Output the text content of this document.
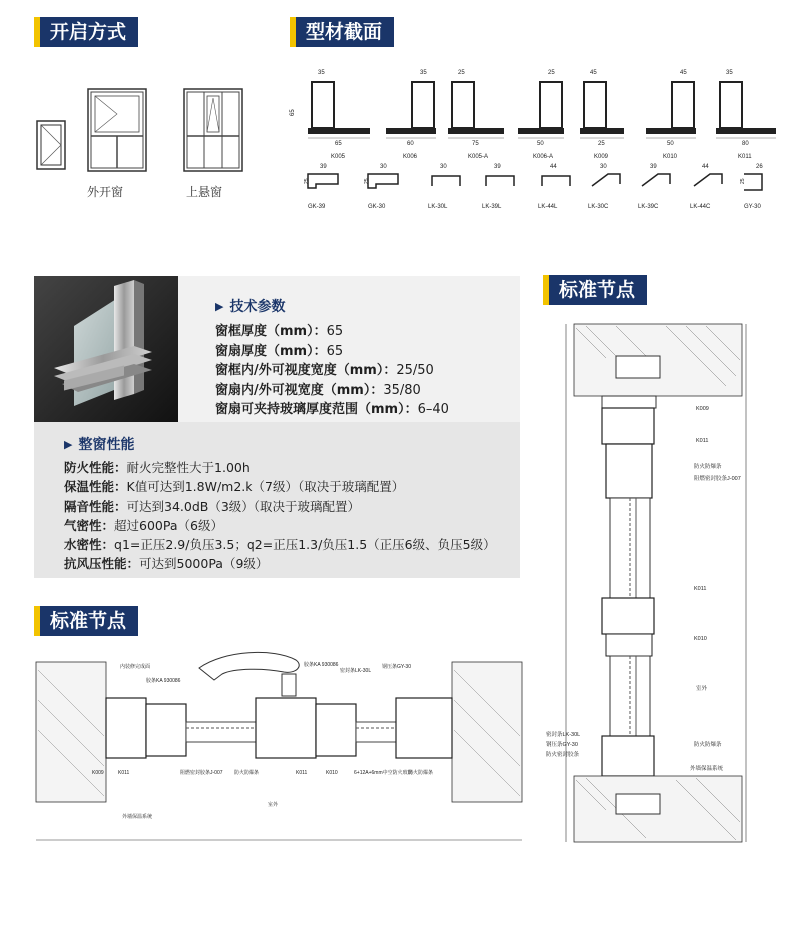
开启方式	型材截面
标准节点
标准节点
外开窗	上悬窗
65
35
65
K005
35
60
K006
25
75
K005-A
25
50
K006-A
45
25
K009
45
50
K010
35
80
K011
39
25
GK-39
30
25
GK-30
30
LK-30L
39
LK-39L
44
LK-44L
30
LK-30C
39
LK-39C
44
LK-44C
26
25
GY-30
▶ 技术参数
窗框厚度（mm）：65
窗扇厚度（mm）：65
窗框内/外可视度宽度（mm）：25/50
窗扇内/外可视宽度（mm）：35/80
窗扇可夹持玻璃厚度范围（mm）：6–40
▶ 整窗性能
防火性能：耐火完整性大于1.00h
保温性能：K值可达到1.8W/m2.k（7级）（取决于玻璃配置）
隔音性能：可达到34.0dB（3级）（取决于玻璃配置）
气密性：超过600Pa（6级）
水密性：q1=正压2.9/负压3.5；q2=正压1.3/负压1.5（正压6级、负压5级）
抗风压性能：可达到5000Pa（9级）
K009
K011
防火防爆条
阻燃密封胶条J-007
K011
K010
室外
密封条LK-30L
钢压条GY-30	防火防爆条
防火密封胶条
外墙保温系统
内装修完成面
胶条KA 930086
胶条KA 930086
密封条LK-30L
钢压条GY-30
K009	K011	阻燃密封胶条J-007 防火防爆条	K011	K010	6+12A+6mm中空防火玻璃
防火防爆条
室外
外墙保温系统
